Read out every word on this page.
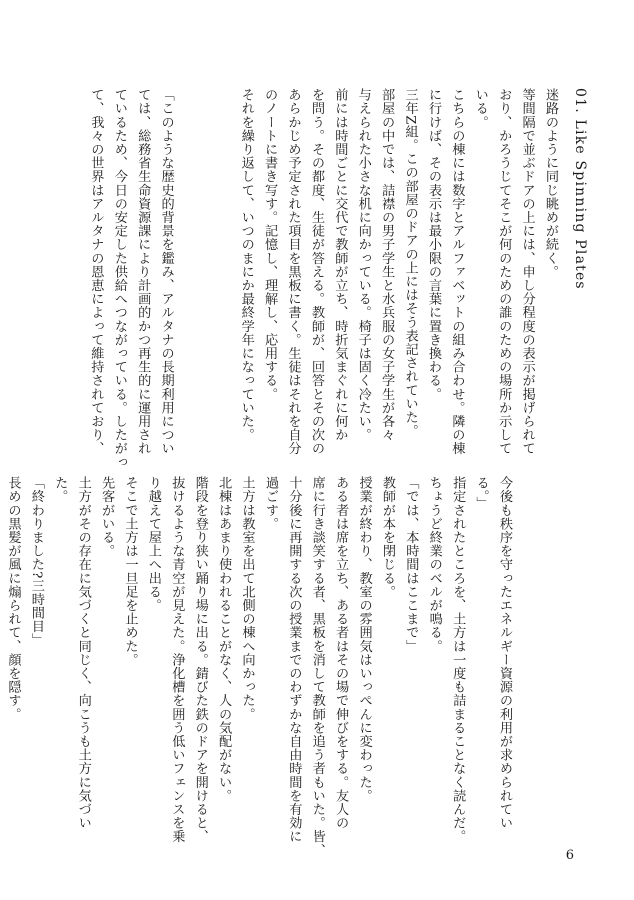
01. Like Spinning Plates
迷路のように同じ眺めが続く。
等間隔で並ぶドアの上には、申し分程度の表示が掲げられて
おり、かろうじてそこが何のための誰のための場所か示して
いる。
こちらの棟には数字とアルファベットの組み合わせ。隣の棟
に行けば、その表示は最小限の言葉に置き換わる。
三年Z組。この部屋のドアの上にはそう表記されていた。
部屋の中では、詰襟の男子学生と水兵服の女子学生が各々
与えられた小さな机に向かっている。椅子は固く冷たい。
前には時間ごとに交代で教師が立ち、時折気まぐれに何か
を問う。その都度、生徒が答える。教師が、回答とその次の
あらかじめ予定された項目を黒板に書く。生徒はそれを自分
のノートに書き写す。記憶し、理解し、応用する。
それを繰り返して、いつのまにか最終学年になっていた。
「このような歴史的背景を鑑み、アルタナの長期利用につい
ては、総務省生命資源課により計画的かつ再生的に運用され
ているため、今日の安定した供給へつながっている。したがっ
て、我々の世界はアルタナの恩恵によって維持されており、
今後も秩序を守ったエネルギー資源の利用が求められてい
る。」
指定されたところを、土方は一度も詰まることなく読んだ。
ちょうど終業のベルが鳴る。
「では、本時間はここまで」
教師が本を閉じる。
授業が終わり、教室の雰囲気はいっぺんに変わった。
ある者は席を立ち、ある者はその場で伸びをする。友人の
席に行き談笑する者、黒板を消して教師を追う者もいた。皆、
十分後に再開する次の授業までのわずかな自由時間を有効に
過ごす。
土方は教室を出て北側の棟へ向かった。
北棟はあまり使われることがなく、人の気配がない。
階段を登り狭い踊り場に出る。錆びた鉄のドアを開けると、
抜けるような青空が見えた。浄化槽を囲う低いフェンスを乗
り越えて屋上へ出る。
そこで土方は一旦足を止めた。
先客がいる。
土方がその存在に気づくと同じく、向こうも土方に気づい
た。
「終わりました?三時間目」
長めの黒髪が風に煽られて、顔を隠す。
6
